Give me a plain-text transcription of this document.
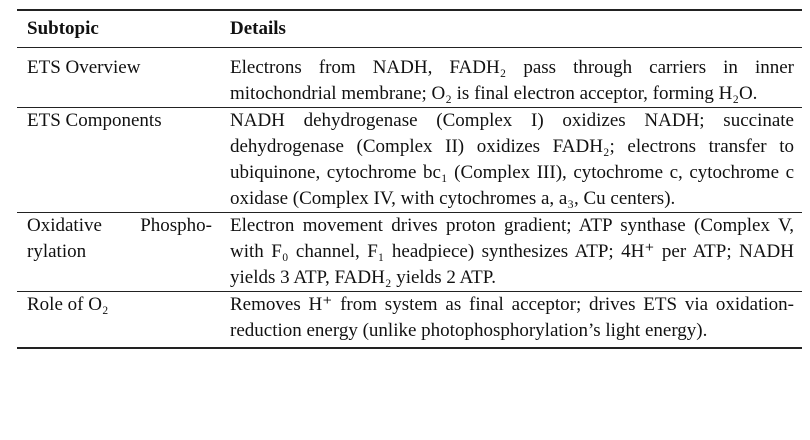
Subtopic	Details
ETS Overview	Electrons from NADH, FADH₂ pass through carriers in inner mitochondrial membrane; O₂ is final electron acceptor, forming H₂O.
ETS Components	NADH dehydrogenase (Complex I) oxidizes NADH; succinate dehydrogenase (Complex II) oxidizes FADH₂; electrons transfer to ubiquinone, cytochrome bc₁ (Complex III), cytochrome c, cytochrome c oxidase (Complex IV, with cytochromes a, a₃, Cu centers).
Oxidative Phosphorylation	Electron movement drives proton gradient; ATP synthase (Complex V, with F₀ channel, F₁ headpiece) synthesizes ATP; 4H⁺ per ATP; NADH yields 3 ATP, FADH₂ yields 2 ATP.
Role of O₂	Removes H⁺ from system as final acceptor; drives ETS via oxidation-reduction energy (unlike photophosphorylation’s light energy).
